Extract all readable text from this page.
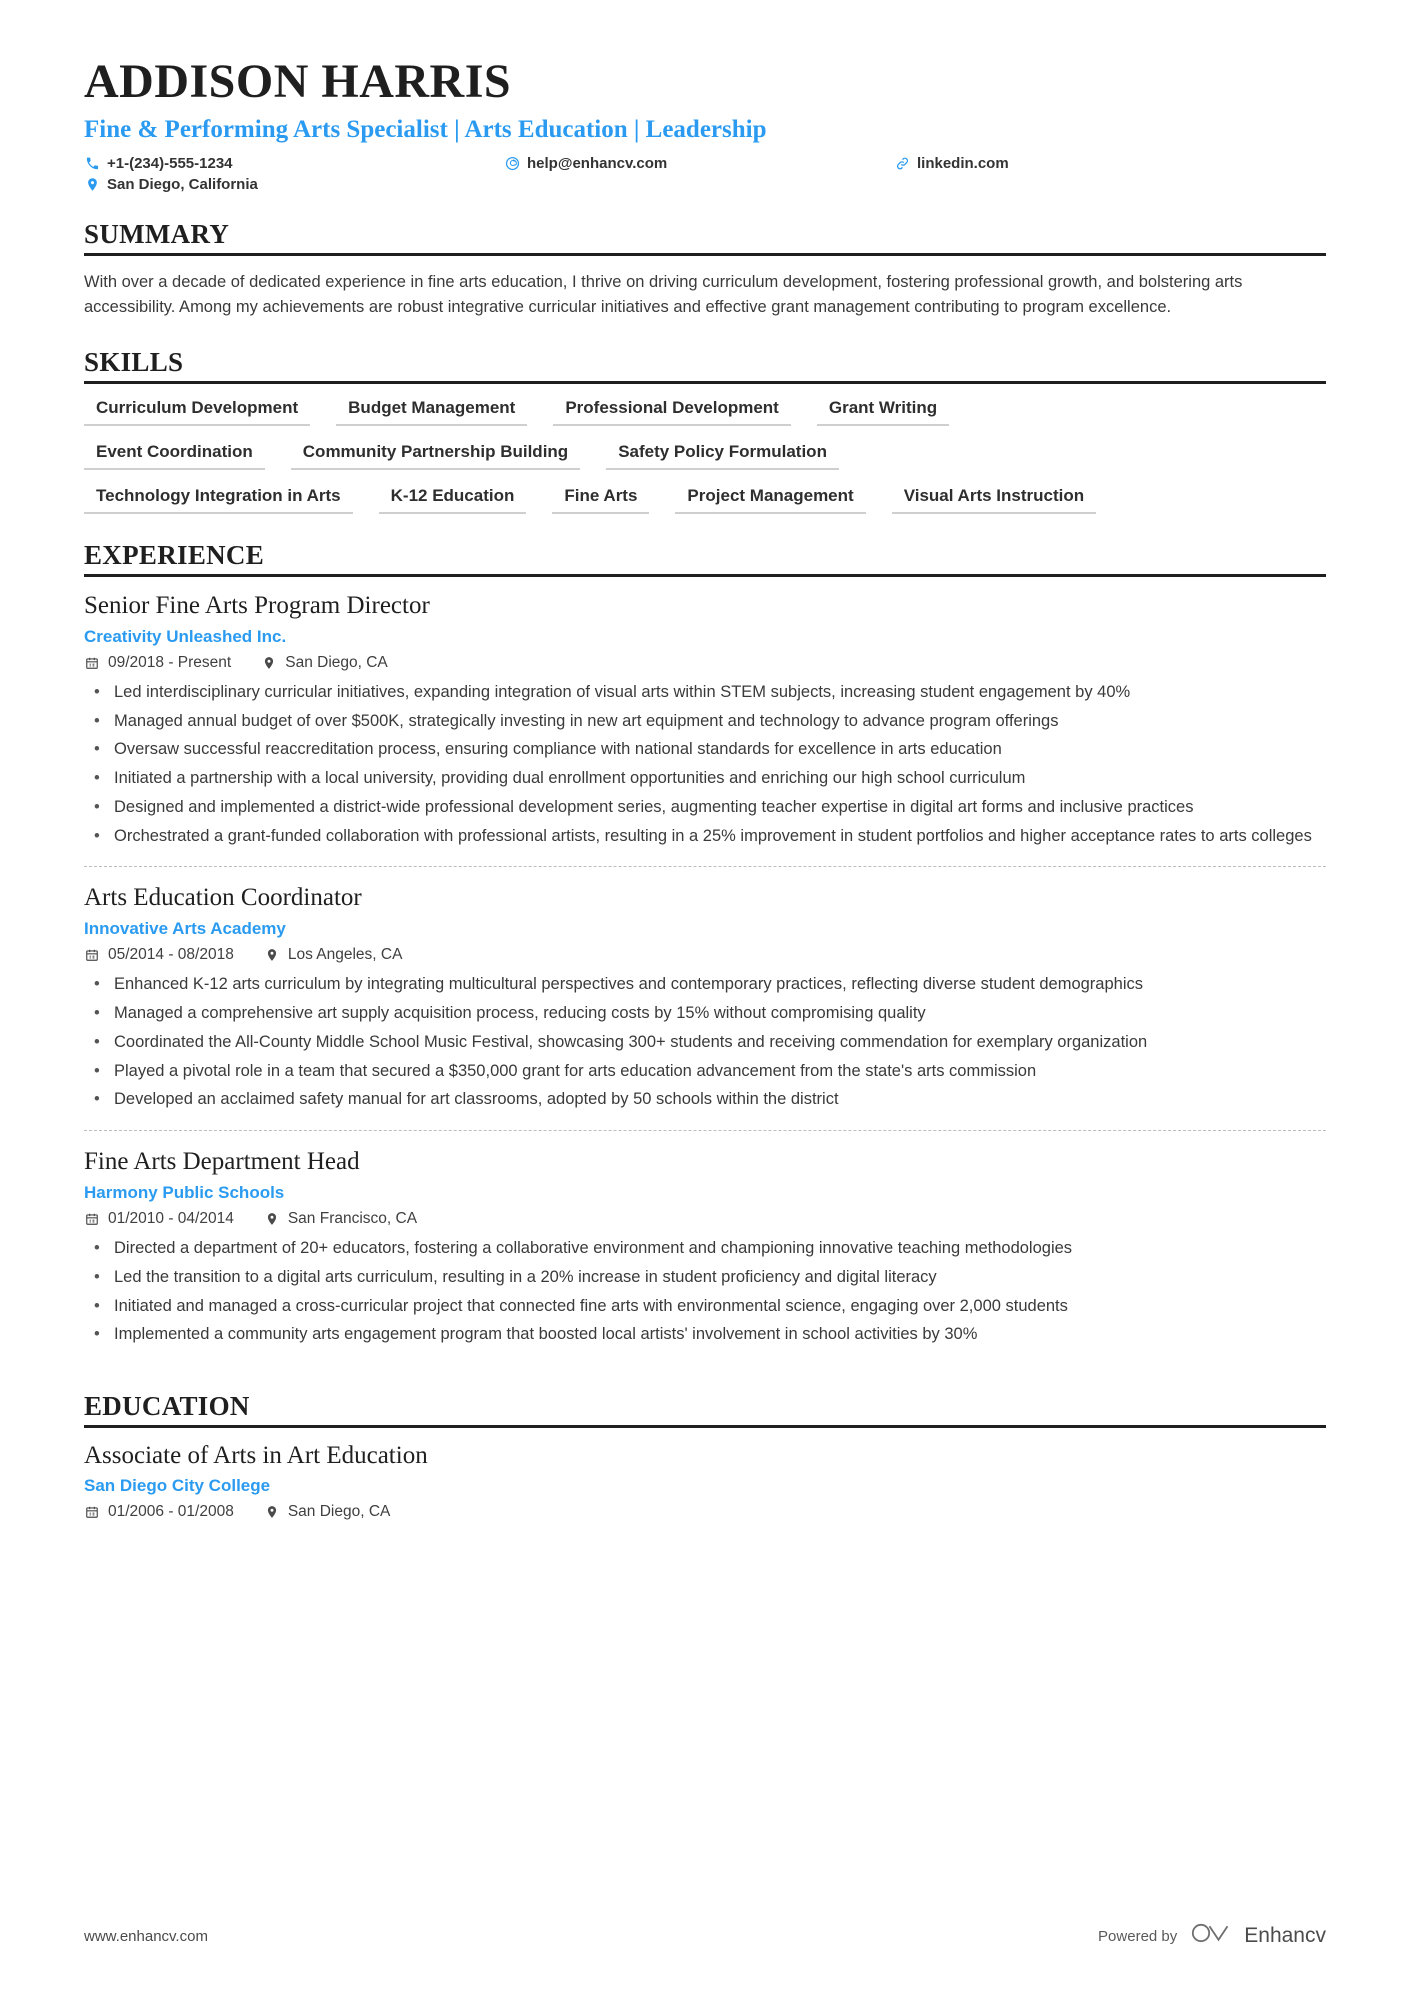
ADDISON HARRIS
Fine & Performing Arts Specialist | Arts Education | Leadership
+1-(234)-555-1234	help@enhancv.com	linkedin.com
San Diego, California
SUMMARY
With over a decade of dedicated experience in fine arts education, I thrive on driving curriculum development, fostering professional growth, and bolstering arts accessibility. Among my achievements are robust integrative curricular initiatives and effective grant management contributing to program excellence.
SKILLS
Curriculum Development	Budget Management	Professional Development	Grant Writing
Event Coordination	Community Partnership Building	Safety Policy Formulation
Technology Integration in Arts	K-12 Education	Fine Arts	Project Management	Visual Arts Instruction
EXPERIENCE
Senior Fine Arts Program Director
Creativity Unleashed Inc.
09/2018 - Present	San Diego, CA
• Led interdisciplinary curricular initiatives, expanding integration of visual arts within STEM subjects, increasing student engagement by 40%
• Managed annual budget of over $500K, strategically investing in new art equipment and technology to advance program offerings
• Oversaw successful reaccreditation process, ensuring compliance with national standards for excellence in arts education
• Initiated a partnership with a local university, providing dual enrollment opportunities and enriching our high school curriculum
• Designed and implemented a district-wide professional development series, augmenting teacher expertise in digital art forms and inclusive practices
• Orchestrated a grant-funded collaboration with professional artists, resulting in a 25% improvement in student portfolios and higher acceptance rates to arts colleges
Arts Education Coordinator
Innovative Arts Academy
05/2014 - 08/2018	Los Angeles, CA
• Enhanced K-12 arts curriculum by integrating multicultural perspectives and contemporary practices, reflecting diverse student demographics
• Managed a comprehensive art supply acquisition process, reducing costs by 15% without compromising quality
• Coordinated the All-County Middle School Music Festival, showcasing 300+ students and receiving commendation for exemplary organization
• Played a pivotal role in a team that secured a $350,000 grant for arts education advancement from the state's arts commission
• Developed an acclaimed safety manual for art classrooms, adopted by 50 schools within the district
Fine Arts Department Head
Harmony Public Schools
01/2010 - 04/2014	San Francisco, CA
• Directed a department of 20+ educators, fostering a collaborative environment and championing innovative teaching methodologies
• Led the transition to a digital arts curriculum, resulting in a 20% increase in student proficiency and digital literacy
• Initiated and managed a cross-curricular project that connected fine arts with environmental science, engaging over 2,000 students
• Implemented a community arts engagement program that boosted local artists' involvement in school activities by 30%
EDUCATION
Associate of Arts in Art Education
San Diego City College
01/2006 - 01/2008	San Diego, CA
www.enhancv.com	Powered by	Enhancv
